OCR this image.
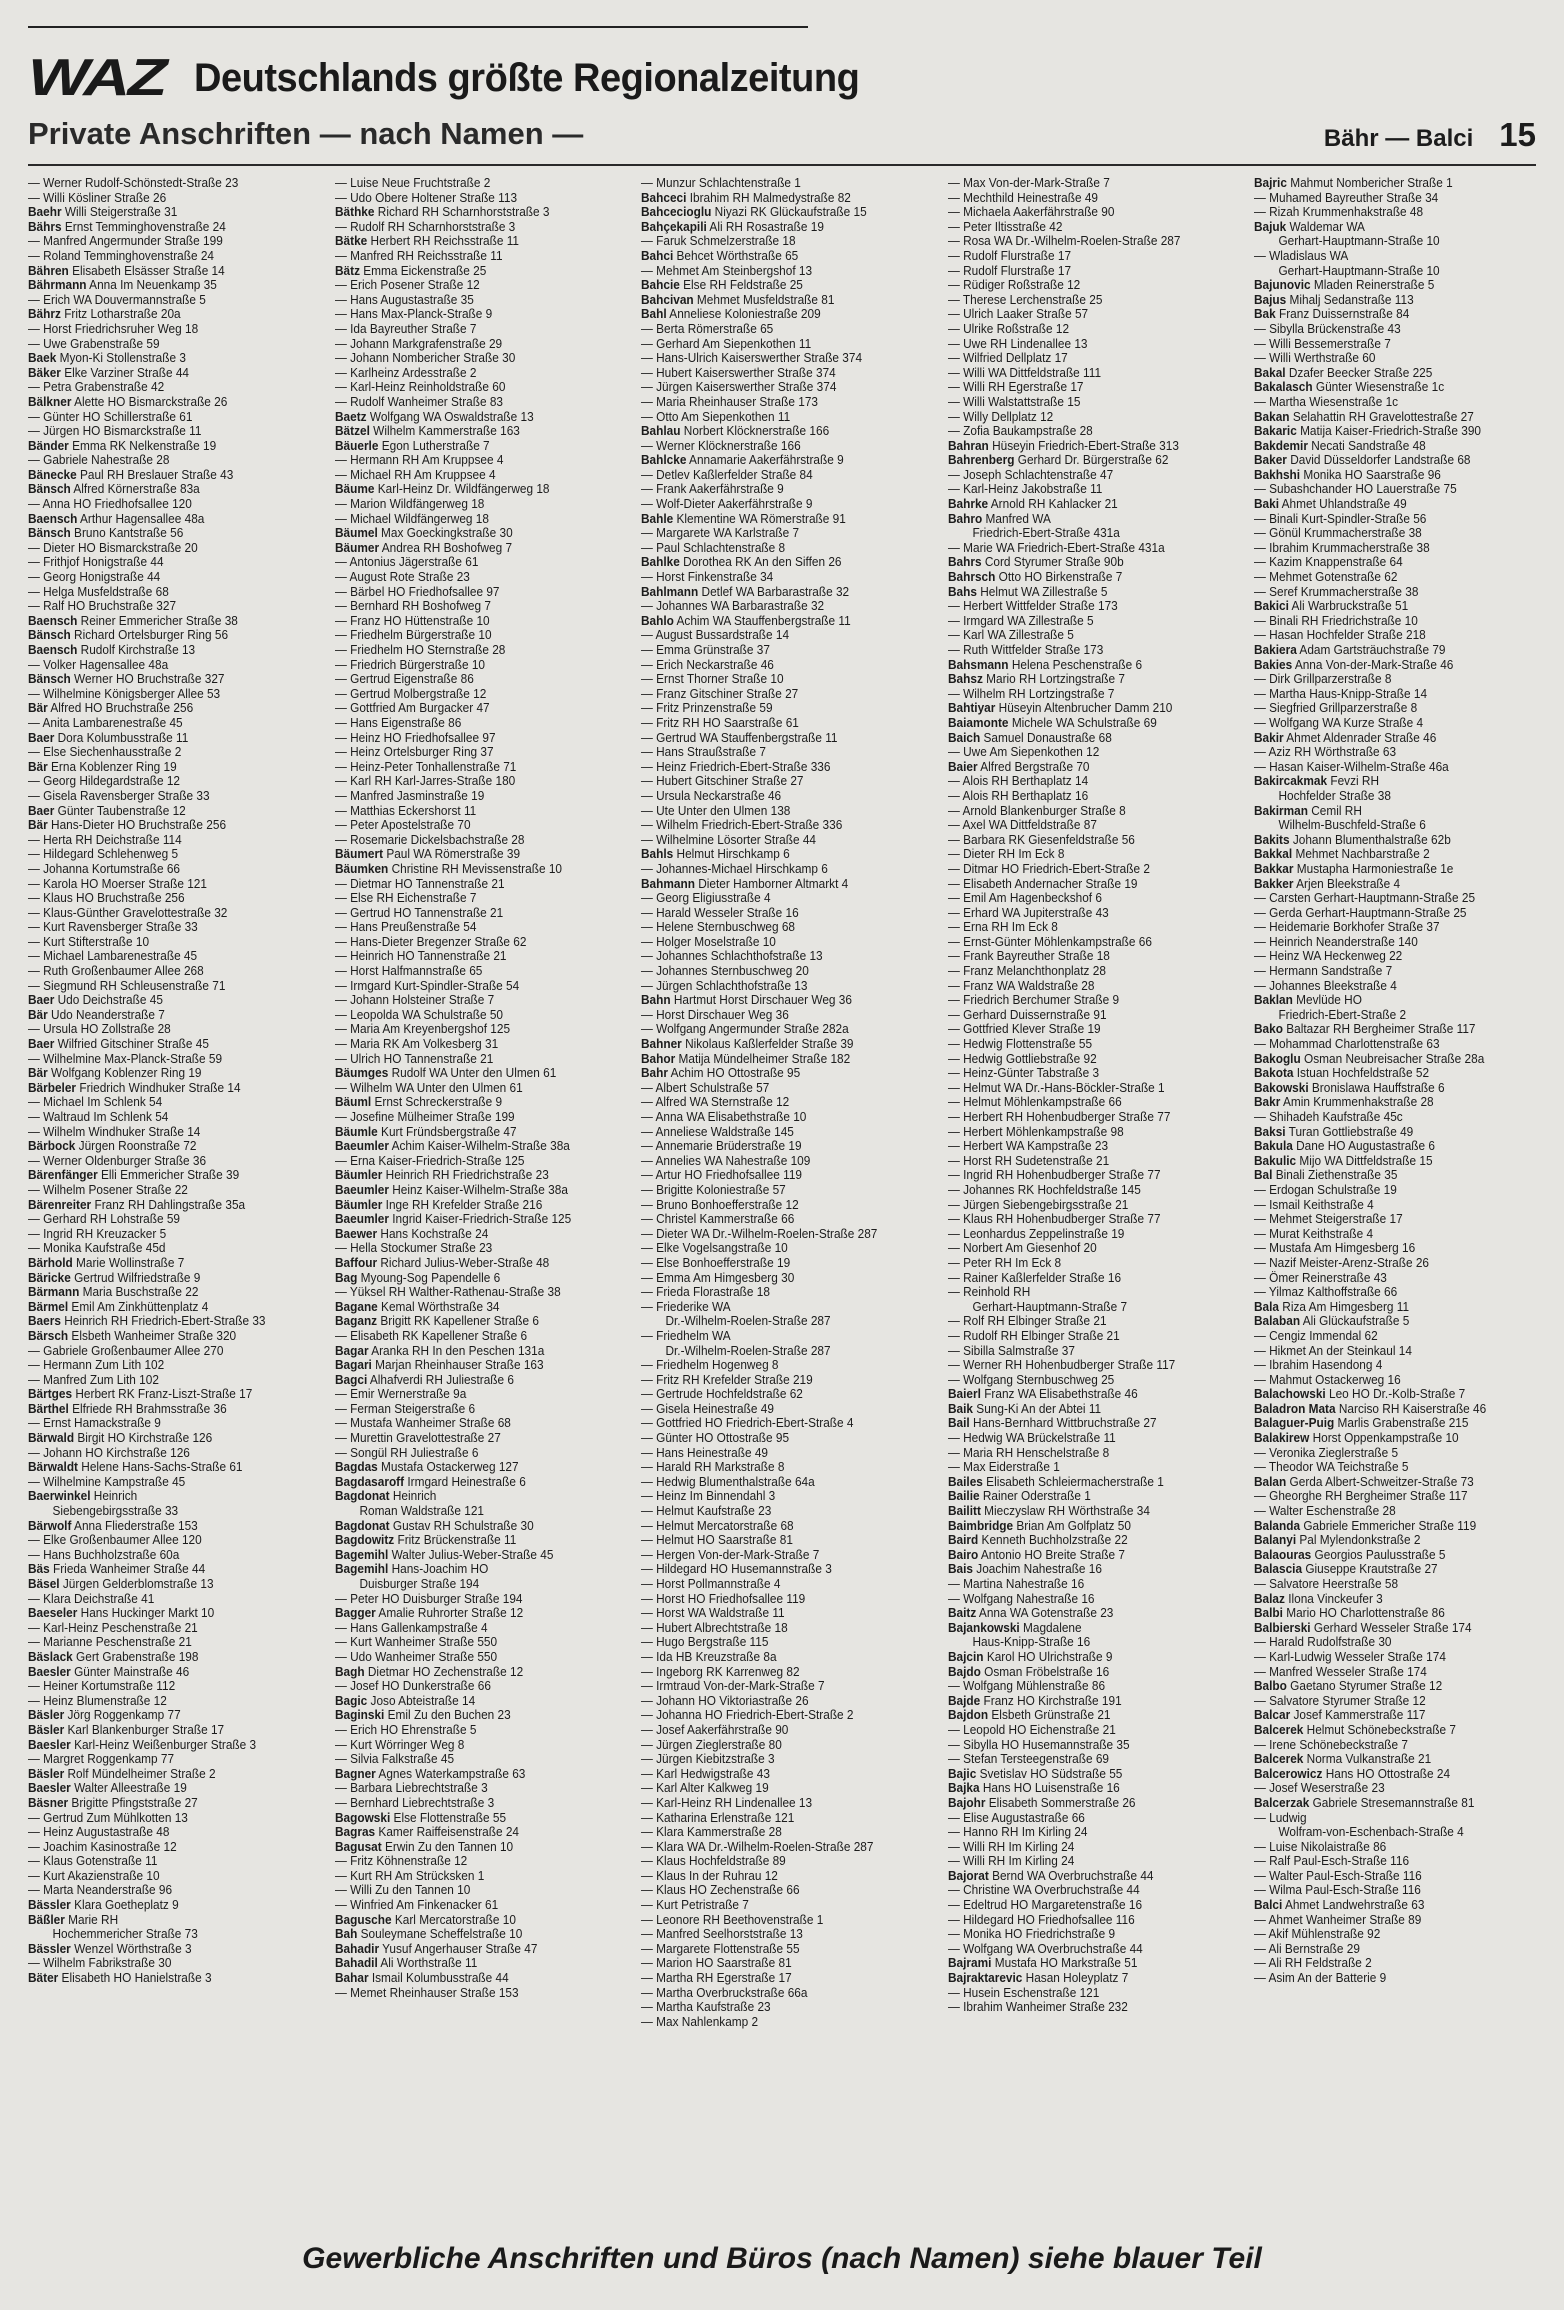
WAZ Deutschlands größte Regionalzeitung
Private Anschriften — nach Namen —	Bähr — Balci 15
— Werner Rudolf-Schönstedt-Straße 23
— Willi Kösliner Straße 26
Baehr Willi Steigerstraße 31
Bährs Ernst Temminghovenstraße 24
— Manfred Angermunder Straße 199
— Roland Temminghovenstraße 24
Bähren Elisabeth Elsässer Straße 14
Bährmann Anna Im Neuenkamp 35
— Erich WA Douvermannstraße 5
Bährz Fritz Lotharstraße 20a
— Horst Friedrichsruher Weg 18
— Uwe Grabenstraße 59
Baek Myon-Ki Stollenstraße 3
Bäker Elke Varziner Straße 44
— Petra Grabenstraße 42
Bälkner Alette HO Bismarckstraße 26
— Günter HO Schillerstraße 61
— Jürgen HO Bismarckstraße 11
Bänder Emma RK Nelkenstraße 19
— Gabriele Nahestraße 28
Bänecke Paul RH Breslauer Straße 43
Bänsch Alfred Körnerstraße 83a
— Anna HO Friedhofsallee 120
Baensch Arthur Hagensallee 48a
Bänsch Bruno Kantstraße 56
— Dieter HO Bismarckstraße 20
— Frithjof Honigstraße 44
— Georg Honigstraße 44
— Helga Musfeldstraße 68
— Ralf HO Bruchstraße 327
Baensch Reiner Emmericher Straße 38
Bänsch Richard Ortelsburger Ring 56
Baensch Rudolf Kirchstraße 13
— Volker Hagensallee 48a
Bänsch Werner HO Bruchstraße 327
— Wilhelmine Königsberger Allee 53
Bär Alfred HO Bruchstraße 256
— Anita Lambarenestraße 45
Baer Dora Kolumbusstraße 11
— Else Siechenhausstraße 2
Bär Erna Koblenzer Ring 19
— Georg Hildegardstraße 12
— Gisela Ravensberger Straße 33
Baer Günter Taubenstraße 12
Bär Hans-Dieter HO Bruchstraße 256
— Herta RH Deichstraße 114
— Hildegard Schlehenweg 5
— Johanna Kortumstraße 66
— Karola HO Moerser Straße 121
— Klaus HO Bruchstraße 256
— Klaus-Günther Gravelottestraße 32
— Kurt Ravensberger Straße 33
— Kurt Stifterstraße 10
— Michael Lambarenestraße 45
— Ruth Großenbaumer Allee 268
— Siegmund RH Schleusenstraße 71
Baer Udo Deichstraße 45
Bär Udo Neanderstraße 7
— Ursula HO Zollstraße 28
Baer Wilfried Gitschiner Straße 45
— Wilhelmine Max-Planck-Straße 59
Bär Wolfgang Koblenzer Ring 19
Bärbeler Friedrich Windhuker Straße 14
— Michael Im Schlenk 54
— Waltraud Im Schlenk 54
— Wilhelm Windhuker Straße 14
Bärbock Jürgen Roonstraße 72
— Werner Oldenburger Straße 36
Bärenfänger Elli Emmericher Straße 39
— Wilhelm Posener Straße 22
Bärenreiter Franz RH Dahlingstraße 35a
— Gerhard RH Lohstraße 59
— Ingrid RH Kreuzacker 5
— Monika Kaufstraße 45d
Bärhold Marie Wollinstraße 7
Bäricke Gertrud Wilfriedstraße 9
Bärmann Maria Buschstraße 22
Bärmel Emil Am Zinkhüttenplatz 4
Baers Heinrich RH Friedrich-Ebert-Straße 33
Bärsch Elsbeth Wanheimer Straße 320
— Gabriele Großenbaumer Allee 270
— Hermann Zum Lith 102
— Manfred Zum Lith 102
Bärtges Herbert RK Franz-Liszt-Straße 17
Bärthel Elfriede RH Brahmsstraße 36
— Ernst Hamackstraße 9
Bärwald Birgit HO Kirchstraße 126
— Johann HO Kirchstraße 126
Bärwaldt Helene Hans-Sachs-Straße 61
— Wilhelmine Kampstraße 45
Baerwinkel Heinrich
Siebengebirgsstraße 33
Bärwolf Anna Fliederstraße 153
— Elke Großenbaumer Allee 120
— Hans Buchholzstraße 60a
Bäs Frieda Wanheimer Straße 44
Bäsel Jürgen Gelderblomstraße 13
— Klara Deichstraße 41
Baeseler Hans Huckinger Markt 10
— Karl-Heinz Peschenstraße 21
— Marianne Peschenstraße 21
Bäslack Gert Grabenstraße 198
Baesler Günter Mainstraße 46
— Heiner Kortumstraße 112
— Heinz Blumenstraße 12
Bäsler Jörg Roggenkamp 77
Bäsler Karl Blankenburger Straße 17
Baesler Karl-Heinz Weißenburger Straße 3
— Margret Roggenkamp 77
Bäsler Rolf Mündelheimer Straße 2
Baesler Walter Alleestraße 19
Bäsner Brigitte Pfingststraße 27
— Gertrud Zum Mühlkotten 13
— Heinz Augustastraße 48
— Joachim Kasinostraße 12
— Klaus Gotenstraße 11
— Kurt Akazienstraße 10
— Marta Neanderstraße 96
Bässler Klara Goetheplatz 9
Bäßler Marie RH
Hochemmericher Straße 73
Bässler Wenzel Wörthstraße 3
— Wilhelm Fabrikstraße 30
Bäter Elisabeth HO Hanielstraße 3
— Luise Neue Fruchtstraße 2
— Udo Obere Holtener Straße 113
Bäthke Richard RH Scharnhorststraße 3
— Rudolf RH Scharnhorststraße 3
Bätke Herbert RH Reichsstraße 11
— Manfred RH Reichsstraße 11
Bätz Emma Eickenstraße 25
— Erich Posener Straße 12
— Hans Augustastraße 35
— Hans Max-Planck-Straße 9
— Ida Bayreuther Straße 7
— Johann Markgrafenstraße 29
— Johann Nombericher Straße 30
— Karlheinz Ardesstraße 2
— Karl-Heinz Reinholdstraße 60
— Rudolf Wanheimer Straße 83
Baetz Wolfgang WA Oswaldstraße 13
Bätzel Wilhelm Kammerstraße 163
Bäuerle Egon Lutherstraße 7
— Hermann RH Am Kruppsee 4
— Michael RH Am Kruppsee 4
Bäume Karl-Heinz Dr. Wildfängerweg 18
— Marion Wildfängerweg 18
— Michael Wildfängerweg 18
Bäumel Max Goeckingkstraße 30
Bäumer Andrea RH Boshofweg 7
— Antonius Jägerstraße 61
— August Rote Straße 23
— Bärbel HO Friedhofsallee 97
— Bernhard RH Boshofweg 7
— Franz HO Hüttenstraße 10
— Friedhelm Bürgerstraße 10
— Friedhelm HO Sternstraße 28
— Friedrich Bürgerstraße 10
— Gertrud Eigenstraße 86
— Gertrud Molbergstraße 12
— Gottfried Am Burgacker 47
— Hans Eigenstraße 86
— Heinz HO Friedhofsallee 97
— Heinz Ortelsburger Ring 37
— Heinz-Peter Tonhallenstraße 71
— Karl RH Karl-Jarres-Straße 180
— Manfred Jasminstraße 19
— Matthias Eckershorst 11
— Peter Apostelstraße 70
— Rosemarie Dickelsbachstraße 28
Bäumert Paul WA Römerstraße 39
Bäumken Christine RH Mevissenstraße 10
— Dietmar HO Tannenstraße 21
— Else RH Eichenstraße 7
— Gertrud HO Tannenstraße 21
— Hans Preußenstraße 54
— Hans-Dieter Bregenzer Straße 62
— Heinrich HO Tannenstraße 21
— Horst Halfmannstraße 65
— Irmgard Kurt-Spindler-Straße 54
— Johann Holsteiner Straße 7
— Leopolda WA Schulstraße 50
— Maria Am Kreyenbergshof 125
— Maria RK Am Volkesberg 31
— Ulrich HO Tannenstraße 21
Bäumges Rudolf WA Unter den Ulmen 61
— Wilhelm WA Unter den Ulmen 61
Bäuml Ernst Schreckerstraße 9
— Josefine Mülheimer Straße 199
Bäumle Kurt Fründsbergstraße 47
Baeumler Achim Kaiser-Wilhelm-Straße 38a
— Erna Kaiser-Friedrich-Straße 125
Bäumler Heinrich RH Friedrichstraße 23
Baeumler Heinz Kaiser-Wilhelm-Straße 38a
Bäumler Inge RH Krefelder Straße 216
Baeumler Ingrid Kaiser-Friedrich-Straße 125
Baewer Hans Kochstraße 24
— Hella Stockumer Straße 23
Baffour Richard Julius-Weber-Straße 48
Bag Myoung-Sog Papendelle 6
— Yüksel RH Walther-Rathenau-Straße 38
Bagane Kemal Wörthstraße 34
Baganz Brigitt RK Kapellener Straße 6
— Elisabeth RK Kapellener Straße 6
Bagar Aranka RH In den Peschen 131a
Bagari Marjan Rheinhauser Straße 163
Bagci Alhafverdi RH Juliestraße 6
— Emir Wernerstraße 9a
— Ferman Steigerstraße 6
— Mustafa Wanheimer Straße 68
— Murettin Gravelottestraße 27
— Songül RH Juliestraße 6
Bagdas Mustafa Ostackerweg 127
Bagdasaroff Irmgard Heinestraße 6
Bagdonat Heinrich
Roman Waldstraße 121
Bagdonat Gustav RH Schulstraße 30
Bagdowitz Fritz Brückenstraße 11
Bagemihl Walter Julius-Weber-Straße 45
Bagemihl Hans-Joachim HO
Duisburger Straße 194
— Peter HO Duisburger Straße 194
Bagger Amalie Ruhrorter Straße 12
— Hans Gallenkampstraße 4
— Kurt Wanheimer Straße 550
— Udo Wanheimer Straße 550
Bagh Dietmar HO Zechenstraße 12
— Josef HO Dunkerstraße 66
Bagic Joso Abteistraße 14
Baginski Emil Zu den Buchen 23
— Erich HO Ehrenstraße 5
— Kurt Wörringer Weg 8
— Silvia Falkstraße 45
Bagner Agnes Waterkampstraße 63
— Barbara Liebrechtstraße 3
— Bernhard Liebrechtstraße 3
Bagowski Else Flottenstraße 55
Bagras Kamer Raiffeisenstraße 24
Bagusat Erwin Zu den Tannen 10
— Fritz Köhnenstraße 12
— Kurt RH Am Strücksken 1
— Willi Zu den Tannen 10
— Winfried Am Finkenacker 61
Bagusche Karl Mercatorstraße 10
Bah Souleymane Scheffelstraße 10
Bahadir Yusuf Angerhauser Straße 47
Bahadil Ali Worthstraße 11
Bahar Ismail Kolumbusstraße 44
— Memet Rheinhauser Straße 153
— Munzur Schlachtenstraße 1
Bahceci Ibrahim RH Malmedystraße 82
Bahcecioglu Niyazi RK Glückaufstraße 15
Bahçekapili Ali RH Rosastraße 19
— Faruk Schmelzerstraße 18
Bahci Behcet Wörthstraße 65
— Mehmet Am Steinbergshof 13
Bahcie Else RH Feldstraße 25
Bahcivan Mehmet Musfeldstraße 81
Bahl Anneliese Koloniestraße 209
— Berta Römerstraße 65
— Gerhard Am Siepenkothen 11
— Hans-Ulrich Kaiserswerther Straße 374
— Hubert Kaiserswerther Straße 374
— Jürgen Kaiserswerther Straße 374
— Maria Rheinhauser Straße 173
— Otto Am Siepenkothen 11
Bahlau Norbert Klöcknerstraße 166
— Werner Klöcknerstraße 166
Bahlcke Annamarie Aakerfährstraße 9
— Detlev Kaßlerfelder Straße 84
— Frank Aakerfährstraße 9
— Wolf-Dieter Aakerfährstraße 9
Bahle Klementine WA Römerstraße 91
— Margarete WA Karlstraße 7
— Paul Schlachtenstraße 8
Bahlke Dorothea RK An den Siffen 26
— Horst Finkenstraße 34
Bahlmann Detlef WA Barbarastraße 32
— Johannes WA Barbarastraße 32
Bahlo Achim WA Stauffenbergstraße 11
— August Bussardstraße 14
— Emma Grünstraße 37
— Erich Neckarstraße 46
— Ernst Thorner Straße 10
— Franz Gitschiner Straße 27
— Fritz Prinzenstraße 59
— Fritz RH HO Saarstraße 61
— Gertrud WA Stauffenbergstraße 11
— Hans Straußstraße 7
— Heinz Friedrich-Ebert-Straße 336
— Hubert Gitschiner Straße 27
— Ursula Neckarstraße 46
— Ute Unter den Ulmen 138
— Wilhelm Friedrich-Ebert-Straße 336
— Wilhelmine Lösorter Straße 44
Bahls Helmut Hirschkamp 6
— Johannes-Michael Hirschkamp 6
Bahmann Dieter Hamborner Altmarkt 4
— Georg Eligiusstraße 4
— Harald Wesseler Straße 16
— Helene Sternbuschweg 68
— Holger Moselstraße 10
— Johannes Schlachthofstraße 13
— Johannes Sternbuschweg 20
— Jürgen Schlachthofstraße 13
Bahn Hartmut Horst Dirschauer Weg 36
— Horst Dirschauer Weg 36
— Wolfgang Angermunder Straße 282a
Bahner Nikolaus Kaßlerfelder Straße 39
Bahor Matija Mündelheimer Straße 182
Bahr Achim HO Ottostraße 95
— Albert Schulstraße 57
— Alfred WA Sternstraße 12
— Anna WA Elisabethstraße 10
— Anneliese Waldstraße 145
— Annemarie Brüderstraße 19
— Annelies WA Nahestraße 109
— Artur HO Friedhofsallee 119
— Brigitte Koloniestraße 57
— Bruno Bonhoefferstraße 12
— Christel Kammerstraße 66
— Dieter WA Dr.-Wilhelm-Roelen-Straße 287
— Elke Vogelsangstraße 10
— Else Bonhoefferstraße 19
— Emma Am Himgesberg 30
— Frieda Florastraße 18
— Friederike WA
Dr.-Wilhelm-Roelen-Straße 287
— Friedhelm WA
Dr.-Wilhelm-Roelen-Straße 287
— Friedhelm Hogenweg 8
— Fritz RH Krefelder Straße 219
— Gertrude Hochfeldstraße 62
— Gisela Heinestraße 49
— Gottfried HO Friedrich-Ebert-Straße 4
— Günter HO Ottostraße 95
— Hans Heinestraße 49
— Harald RH Markstraße 8
— Hedwig Blumenthalstraße 64a
— Heinz Im Binnendahl 3
— Helmut Kaufstraße 23
— Helmut Mercatorstraße 68
— Helmut HO Saarstraße 81
— Hergen Von-der-Mark-Straße 7
— Hildegard HO Husemannstraße 3
— Horst Pollmannstraße 4
— Horst HO Friedhofsallee 119
— Horst WA Waldstraße 11
— Hubert Albrechtstraße 18
— Hugo Bergstraße 115
— Ida HB Kreuzstraße 8a
— Ingeborg RK Karrenweg 82
— Irmtraud Von-der-Mark-Straße 7
— Johann HO Viktoriastraße 26
— Johanna HO Friedrich-Ebert-Straße 2
— Josef Aakerfährstraße 90
— Jürgen Zieglerstraße 80
— Jürgen Kiebitzstraße 3
— Karl Hedwigstraße 43
— Karl Alter Kalkweg 19
— Karl-Heinz RH Lindenallee 13
— Katharina Erlenstraße 121
— Klara Kammerstraße 28
— Klara WA Dr.-Wilhelm-Roelen-Straße 287
— Klaus Hochfeldstraße 89
— Klaus In der Ruhrau 12
— Klaus HO Zechenstraße 66
— Kurt Petristraße 7
— Leonore RH Beethovenstraße 1
— Manfred Seelhorststraße 13
— Margarete Flottenstraße 55
— Marion HO Saarstraße 81
— Martha RH Egerstraße 17
— Martha Overbruckstraße 66a
— Martha Kaufstraße 23
— Max Nahlenkamp 2
— Max Von-der-Mark-Straße 7
— Mechthild Heinestraße 49
— Michaela Aakerfährstraße 90
— Peter Iltisstraße 42
— Rosa WA Dr.-Wilhelm-Roelen-Straße 287
— Rudolf Flurstraße 17
— Rudolf Flurstraße 17
— Rüdiger Roßstraße 12
— Therese Lerchenstraße 25
— Ulrich Laaker Straße 57
— Ulrike Roßstraße 12
— Uwe RH Lindenallee 13
— Wilfried Dellplatz 17
— Willi WA Dittfeldstraße 111
— Willi RH Egerstraße 17
— Willi Walstattstraße 15
— Willy Dellplatz 12
— Zofia Baukampstraße 28
Bahran Hüseyin Friedrich-Ebert-Straße 313
Bahrenberg Gerhard Dr. Bürgerstraße 62
— Joseph Schlachtenstraße 47
— Karl-Heinz Jakobstraße 11
Bahrke Arnold RH Kahlacker 21
Bahro Manfred WA
Friedrich-Ebert-Straße 431a
— Marie WA Friedrich-Ebert-Straße 431a
Bahrs Cord Styrumer Straße 90b
Bahrsch Otto HO Birkenstraße 7
Bahs Helmut WA Zillestraße 5
— Herbert Wittfelder Straße 173
— Irmgard WA Zillestraße 5
— Karl WA Zillestraße 5
— Ruth Wittfelder Straße 173
Bahsmann Helena Peschenstraße 6
Bahsz Mario RH Lortzingstraße 7
— Wilhelm RH Lortzingstraße 7
Bahtiyar Hüseyin Altenbrucher Damm 210
Baiamonte Michele WA Schulstraße 69
Baich Samuel Donaustraße 68
— Uwe Am Siepenkothen 12
Baier Alfred Bergstraße 70
— Alois RH Berthaplatz 14
— Alois RH Berthaplatz 16
— Arnold Blankenburger Straße 8
— Axel WA Dittfeldstraße 87
— Barbara RK Giesenfeldstraße 56
— Dieter RH Im Eck 8
— Ditmar HO Friedrich-Ebert-Straße 2
— Elisabeth Andernacher Straße 19
— Emil Am Hagenbeckshof 6
— Erhard WA Jupiterstraße 43
— Erna RH Im Eck 8
— Ernst-Günter Möhlenkampstraße 66
— Frank Bayreuther Straße 18
— Franz Melanchthonplatz 28
— Franz WA Waldstraße 28
— Friedrich Berchumer Straße 9
— Gerhard Duissernstraße 91
— Gottfried Klever Straße 19
— Hedwig Flottenstraße 55
— Hedwig Gottliebstraße 92
— Heinz-Günter Tabstraße 3
— Helmut WA Dr.-Hans-Böckler-Straße 1
— Helmut Möhlenkampstraße 66
— Herbert RH Hohenbudberger Straße 77
— Herbert Möhlenkampstraße 98
— Herbert WA Kampstraße 23
— Horst RH Sudetenstraße 21
— Ingrid RH Hohenbudberger Straße 77
— Johannes RK Hochfeldstraße 145
— Jürgen Siebengebirgsstraße 21
— Klaus RH Hohenbudberger Straße 77
— Leonhardus Zeppelinstraße 19
— Norbert Am Giesenhof 20
— Peter RH Im Eck 8
— Rainer Kaßlerfelder Straße 16
— Reinhold RH
Gerhart-Hauptmann-Straße 7
— Rolf RH Elbinger Straße 21
— Rudolf RH Elbinger Straße 21
— Sibilla Salmstraße 37
— Werner RH Hohenbudberger Straße 117
— Wolfgang Sternbuschweg 25
Baierl Franz WA Elisabethstraße 46
Baik Sung-Ki An der Abtei 11
Bail Hans-Bernhard Wittbruchstraße 27
— Hedwig WA Brückelstraße 11
— Maria RH Henschelstraße 8
— Max Eiderstraße 1
Bailes Elisabeth Schleiermacherstraße 1
Bailie Rainer Oderstraße 1
Bailitt Mieczyslaw RH Wörthstraße 34
Baimbridge Brian Am Golfplatz 50
Baird Kenneth Buchholzstraße 22
Bairo Antonio HO Breite Straße 7
Bais Joachim Nahestraße 16
— Martina Nahestraße 16
— Wolfgang Nahestraße 16
Baitz Anna WA Gotenstraße 23
Bajankowski Magdalene
Haus-Knipp-Straße 16
Bajcin Karol HO Ulrichstraße 9
Bajdo Osman Fröbelstraße 16
— Wolfgang Mühlenstraße 86
Bajde Franz HO Kirchstraße 191
Bajdon Elsbeth Grünstraße 21
— Leopold HO Eichenstraße 21
— Sibylla HO Husemannstraße 35
— Stefan Tersteegenstraße 69
Bajic Svetislav HO Südstraße 55
Bajka Hans HO Luisenstraße 16
Bajohr Elisabeth Sommerstraße 26
— Elise Augustastraße 66
— Hanno RH Im Kirling 24
— Willi RH Im Kirling 24
— Willi RH Im Kirling 24
Bajorat Bernd WA Overbruchstraße 44
— Christine WA Overbruchstraße 44
— Edeltrud HO Margaretenstraße 16
— Hildegard HO Friedhofsallee 116
— Monika HO Friedrichstraße 9
— Wolfgang WA Overbruchstraße 44
Bajrami Mustafa HO Markstraße 51
Bajraktarevic Hasan Holeyplatz 7
— Husein Eschenstraße 121
— Ibrahim Wanheimer Straße 232
Bajric Mahmut Nombericher Straße 1
— Muhamed Bayreuther Straße 34
— Rizah Krummenhakstraße 48
Bajuk Waldemar WA
Gerhart-Hauptmann-Straße 10
— Wladislaus WA
Gerhart-Hauptmann-Straße 10
Bajunovic Mladen Reinerstraße 5
Bajus Mihalj Sedanstraße 113
Bak Franz Duissernstraße 84
— Sibylla Brückenstraße 43
— Willi Bessemerstraße 7
— Willi Werthstraße 60
Bakal Dzafer Beecker Straße 225
Bakalasch Günter Wiesenstraße 1c
— Martha Wiesenstraße 1c
Bakan Selahattin RH Gravelottestraße 27
Bakaric Matija Kaiser-Friedrich-Straße 390
Bakdemir Necati Sandstraße 48
Baker David Düsseldorfer Landstraße 68
Bakhshi Monika HO Saarstraße 96
— Subashchander HO Lauerstraße 75
Baki Ahmet Uhlandstraße 49
— Binali Kurt-Spindler-Straße 56
— Gönül Krummacherstraße 38
— Ibrahim Krummacherstraße 38
— Kazim Knappenstraße 64
— Mehmet Gotenstraße 62
— Seref Krummacherstraße 38
Bakici Ali Warbruckstraße 51
— Binali RH Friedrichstraße 10
— Hasan Hochfelder Straße 218
Bakiera Adam Gartsträuchstraße 79
Bakies Anna Von-der-Mark-Straße 46
— Dirk Grillparzerstraße 8
— Martha Haus-Knipp-Straße 14
— Siegfried Grillparzerstraße 8
— Wolfgang WA Kurze Straße 4
Bakir Ahmet Aldenrader Straße 46
— Aziz RH Wörthstraße 63
— Hasan Kaiser-Wilhelm-Straße 46a
Bakircakmak Fevzi RH
Hochfelder Straße 38
Bakirman Cemil RH
Wilhelm-Buschfeld-Straße 6
Bakits Johann Blumenthalstraße 62b
Bakkal Mehmet Nachbarstraße 2
Bakkar Mustapha Harmoniestraße 1e
Bakker Arjen Bleekstraße 4
— Carsten Gerhart-Hauptmann-Straße 25
— Gerda Gerhart-Hauptmann-Straße 25
— Heidemarie Borkhofer Straße 37
— Heinrich Neanderstraße 140
— Heinz WA Heckenweg 22
— Hermann Sandstraße 7
— Johannes Bleekstraße 4
Baklan Mevlüde HO
Friedrich-Ebert-Straße 2
Bako Baltazar RH Bergheimer Straße 117
— Mohammad Charlottenstraße 63
Bakoglu Osman Neubreisacher Straße 28a
Bakota Istuan Hochfeldstraße 52
Bakowski Bronislawa Hauffstraße 6
Bakr Amin Krummenhakstraße 28
— Shihadeh Kaufstraße 45c
Baksi Turan Gottliebstraße 49
Bakula Dane HO Augustastraße 6
Bakulic Mijo WA Dittfeldstraße 15
Bal Binali Ziethenstraße 35
— Erdogan Schulstraße 19
— Ismail Keithstraße 4
— Mehmet Steigerstraße 17
— Murat Keithstraße 4
— Mustafa Am Himgesberg 16
— Nazif Meister-Arenz-Straße 26
— Ömer Reinerstraße 43
— Yilmaz Kalthoffstraße 66
Bala Riza Am Himgesberg 11
Balaban Ali Glückaufstraße 5
— Cengiz Immendal 62
— Hikmet An der Steinkaul 14
— Ibrahim Hasendong 4
— Mahmut Ostackerweg 16
Balachowski Leo HO Dr.-Kolb-Straße 7
Baladron Mata Narciso RH Kaiserstraße 46
Balaguer-Puig Marlis Grabenstraße 215
Balakirew Horst Oppenkampstraße 10
— Veronika Zieglerstraße 5
— Theodor WA Teichstraße 5
Balan Gerda Albert-Schweitzer-Straße 73
— Gheorghe RH Bergheimer Straße 117
— Walter Eschenstraße 28
Balanda Gabriele Emmericher Straße 119
Balanyi Pal Mylendonkstraße 2
Balaouras Georgios Paulusstraße 5
Balascia Giuseppe Krautstraße 27
— Salvatore Heerstraße 58
Balaz Ilona Vinckeufer 3
Balbi Mario HO Charlottenstraße 86
Balbierski Gerhard Wesseler Straße 174
— Harald Rudolfstraße 30
— Karl-Ludwig Wesseler Straße 174
— Manfred Wesseler Straße 174
Balbo Gaetano Styrumer Straße 12
— Salvatore Styrumer Straße 12
Balcar Josef Kammerstraße 117
Balcerek Helmut Schönebeckstraße 7
— Irene Schönebeckstraße 7
Balcerek Norma Vulkanstraße 21
Balcerowicz Hans HO Ottostraße 24
— Josef Weserstraße 23
Balcerzak Gabriele Stresemannstraße 81
— Ludwig
Wolfram-von-Eschenbach-Straße 4
— Luise Nikolaistraße 86
— Ralf Paul-Esch-Straße 116
— Walter Paul-Esch-Straße 116
— Wilma Paul-Esch-Straße 116
Balci Ahmet Landwehrstraße 63
— Ahmet Wanheimer Straße 89
— Akif Mühlenstraße 92
— Ali Bernstraße 29
— Ali RH Feldstraße 2
— Asim An der Batterie 9
Gewerbliche Anschriften und Büros (nach Namen) siehe blauer Teil
